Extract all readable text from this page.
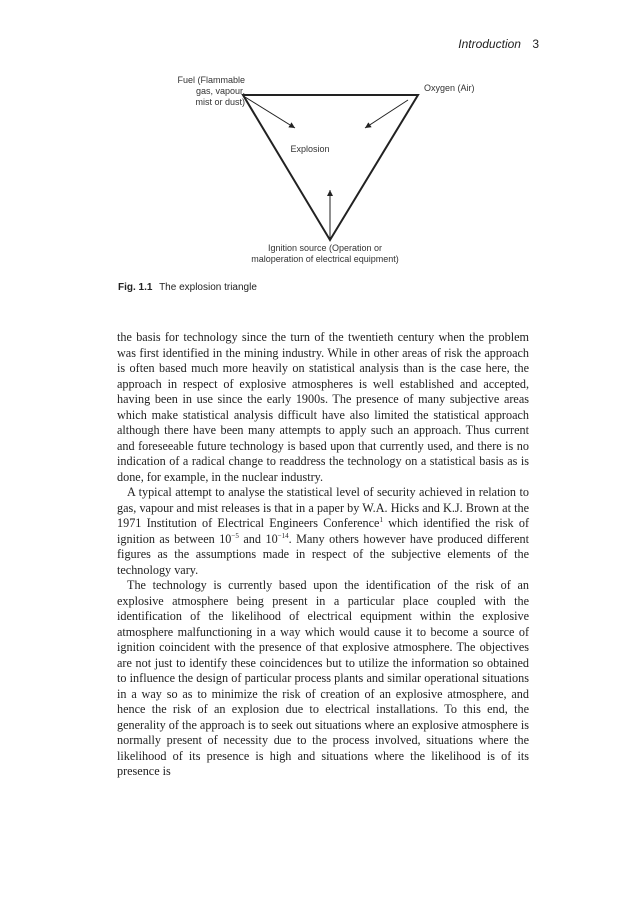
Introduction 3
Fuel (Flammable
gas, vapour,
mist or dust)
Oxygen (Air)
Explosion
Ignition source (Operation or
maloperation of electrical equipment)
Fig. 1.1 The explosion triangle

the basis for technology since the turn of the twentieth century when the problem was first identified in the mining industry. While in other areas of risk the approach is often based much more heavily on statistical analysis than is the case here, the approach in respect of explosive atmospheres is well established and accepted, having been in use since the early 1900s. The presence of many subjective areas which make statistical analysis difficult have also limited the statistical approach although there have been many attempts to apply such an approach. Thus current and foreseeable future technology is based upon that currently used, and there is no indication of a radical change to readdress the technology on a statistical basis as is done, for example, in the nuclear industry.

A typical attempt to analyse the statistical level of security achieved in relation to gas, vapour and mist releases is that in a paper by W.A. Hicks and K.J. Brown at the 1971 Institution of Electrical Engineers Conference$^1$ which identified the risk of ignition as between $10^{-5}$ and $10^{-14}$. Many others however have produced different figures as the assumptions made in respect of the subjective elements of the technology vary.

The technology is currently based upon the identification of the risk of an explosive atmosphere being present in a particular place coupled with the identification of the likelihood of electrical equipment within the explosive atmosphere malfunctioning in a way which would cause it to become a source of ignition coincident with the presence of that explosive atmosphere. The objectives are not just to identify these coincidences but to utilize the information so obtained to influence the design of particular process plants and similar operational situations in a way so as to minimize the risk of creation of an explosive atmosphere, and hence the risk of an explosion due to electrical installations. To this end, the generality of the approach is to seek out situations where an explosive atmosphere is normally present of necessity due to the process involved, situations where the likelihood of its presence is high and situations where the likelihood is of its presence is
